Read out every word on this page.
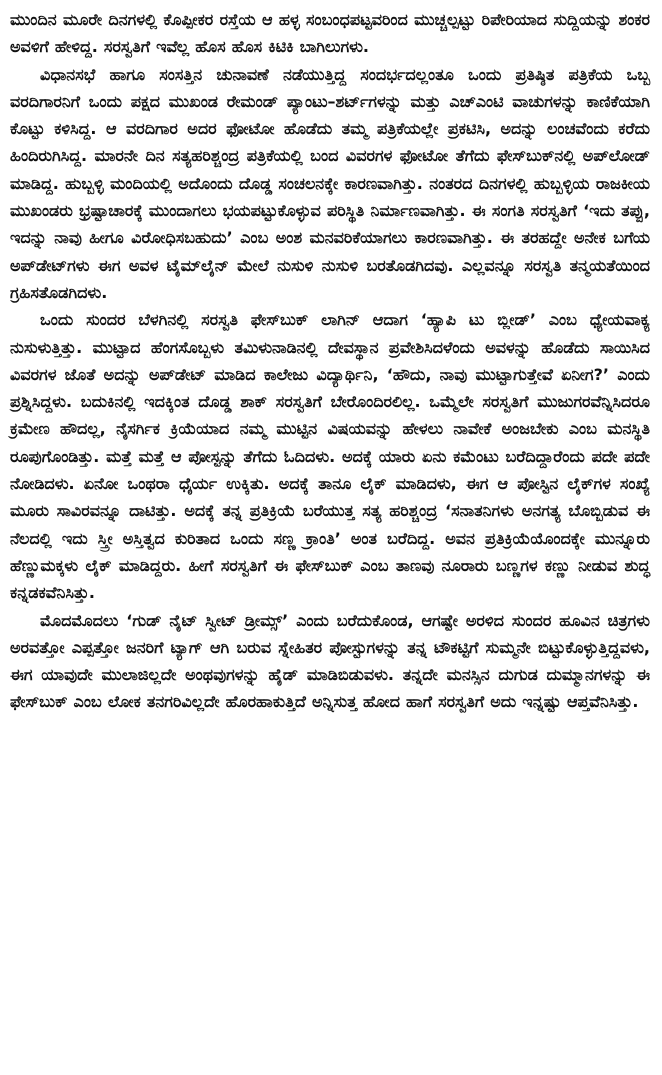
ಮುಂದಿನ ಮೂರೇ ದಿನಗಳಲ್ಲಿ ಕೊಪ್ಪೀಕರ ರಸ್ತೆಯ ಆ ಹಳ್ಳ ಸಂಬಂಧಪಟ್ಟವರಿಂದ ಮುಚ್ಚಲ್ಪಟ್ಟು ರಿಪೇರಿಯಾದ ಸುದ್ದಿಯನ್ನು ಶಂಕರ ಅವಳಿಗೆ ಹೇಳಿದ್ದ. ಸರಸ್ವತಿಗೆ ಇವೆಲ್ಲ ಹೊಸ ಹೊಸ ಕಿಟಿಕಿ ಬಾಗಿಲುಗಳು.

ವಿಧಾನಸಭೆ ಹಾಗೂ ಸಂಸತ್ತಿನ ಚುನಾವಣೆ ನಡೆಯುತ್ತಿದ್ದ ಸಂದರ್ಭದಲ್ಲಂತೂ ಒಂದು ಪ್ರತಿಷ್ಠಿತ ಪತ್ರಿಕೆಯ ಒಬ್ಬ ವರದಿಗಾರನಿಗೆ ಒಂದು ಪಕ್ಷದ ಮುಖಂಡ ರೇಮಂಡ್ ಪ್ಯಾಂಟು–ಶರ್ಟ್‌ಗಳನ್ನು ಮತ್ತು ಎಚ್‌ಎಂಟಿ ವಾಚುಗಳನ್ನು ಕಾಣಿಕೆಯಾಗಿ ಕೊಟ್ಟು ಕಳಿಸಿದ್ದ. ಆ ವರದಿಗಾರ ಅದರ ಫೋಟೋ ಹೊಡೆದು ತಮ್ಮ ಪತ್ರಿಕೆಯಲ್ಲೇ ಪ್ರಕಟಿಸಿ, ಅದನ್ನು ಲಂಚವೆಂದು ಕರೆದು ಹಿಂದಿರುಗಿಸಿದ್ದ. ಮಾರನೇ ದಿನ ಸತ್ಯಹರಿಶ್ಚಂದ್ರ ಪತ್ರಿಕೆಯಲ್ಲಿ ಬಂದ ವಿವರಗಳ ಫೋಟೋ ತೆಗೆದು ಫೇಸ್‌ಬುಕ್‌ನಲ್ಲಿ ಅಪ್‌ಲೋಡ್ ಮಾಡಿದ್ದ. ಹುಬ್ಬಳ್ಳಿ ಮಂದಿಯಲ್ಲಿ ಅದೊಂದು ದೊಡ್ಡ ಸಂಚಲನಕ್ಕೇ ಕಾರಣವಾಗಿತ್ತು. ನಂತರದ ದಿನಗಳಲ್ಲಿ ಹುಬ್ಬಳ್ಳಿಯ ರಾಜಕೀಯ ಮುಖಂಡರು ಭ್ರಷ್ಟಾಚಾರಕ್ಕೆ ಮುಂದಾಗಲು ಭಯಪಟ್ಟುಕೊಳ್ಳುವ ಪರಿಸ್ಥಿತಿ ನಿರ್ಮಾಣವಾಗಿತ್ತು. ಈ ಸಂಗತಿ ಸರಸ್ವತಿಗೆ ‘ಇದು ತಪ್ಪು, ಇದನ್ನು ನಾವು ಹೀಗೂ ವಿರೋಧಿಸಬಹುದು’ ಎಂಬ ಅಂಶ ಮನವರಿಕೆಯಾಗಲು ಕಾರಣವಾಗಿತ್ತು. ಈ ತರಹದ್ದೇ ಅನೇಕ ಬಗೆಯ ಅಪ್‌ಡೇಟ್‌ಗಳು ಈಗ ಅವಳ ಟೈಮ್‌ಲೈನ್ ಮೇಲೆ ನುಸುಳಿ ನುಸುಳಿ ಬರತೊಡಗಿದವು. ಎಲ್ಲವನ್ನೂ ಸರಸ್ವತಿ ತನ್ಮಯತೆಯಿಂದ ಗ್ರಹಿಸತೊಡಗಿದಳು.

ಒಂದು ಸುಂದರ ಬೆಳಗಿನಲ್ಲಿ ಸರಸ್ವತಿ ಫೇಸ್‌ಬುಕ್ ಲಾಗಿನ್ ಆದಾಗ ‘ಹ್ಯಾಪಿ ಟು ಬ್ಲೀಡ್’ ಎಂಬ ಧ್ಯೇಯವಾಕ್ಯ ನುಸುಳುತ್ತಿತ್ತು. ಮುಟ್ಟಾದ ಹೆಂಗಸೊಬ್ಬಳು ತಮಿಳುನಾಡಿನಲ್ಲಿ ದೇವಸ್ಥಾನ ಪ್ರವೇಶಿಸಿದಳೆಂದು ಅವಳನ್ನು ಹೊಡೆದು ಸಾಯಿಸಿದ ವಿವರಗಳ ಜೊತೆ ಅದನ್ನು ಅಪ್‌ಡೇಟ್ ಮಾಡಿದ ಕಾಲೇಜು ವಿದ್ಯಾರ್ಥಿನಿ, ‘ಹೌದು, ನಾವು ಮುಟ್ಟಾಗುತ್ತೇವೆ ಏನೀಗ?’ ಎಂದು ಪ್ರಶ್ನಿಸಿದ್ದಳು. ಬದುಕಿನಲ್ಲಿ ಇದಕ್ಕಿಂತ ದೊಡ್ಡ ಶಾಕ್ ಸರಸ್ವತಿಗೆ ಬೇರೊಂದಿರಲಿಲ್ಲ. ಒಮ್ಮೆಲೇ ಸರಸ್ವತಿಗೆ ಮುಜುಗರವೆನ್ನಿಸಿದರೂ ಕ್ರಮೇಣ ಹೌದಲ್ಲ, ನೈಸರ್ಗಿಕ ಕ್ರಿಯೆಯಾದ ನಮ್ಮ ಮುಟ್ಟಿನ ವಿಷಯವನ್ನು ಹೇಳಲು ನಾವೇಕೆ ಅಂಜಬೇಕು ಎಂಬ ಮನಸ್ಥಿತಿ ರೂಪುಗೊಂಡಿತ್ತು. ಮತ್ತೆ ಮತ್ತೆ ಆ ಪೋಸ್ಟನ್ನು ತೆಗೆದು ಓದಿದಳು. ಅದಕ್ಕೆ ಯಾರು ಏನು ಕಮೆಂಟು ಬರೆದಿದ್ದಾರೆಂದು ಪದೇ ಪದೇ ನೋಡಿದಳು. ಏನೋ ಒಂಥರಾ ಧೈರ್ಯ ಉಕ್ಕಿತು. ಅದಕ್ಕೆ ತಾನೂ ಲೈಕ್ ಮಾಡಿದಳು, ಈಗ ಆ ಪೋಸ್ಟಿನ ಲೈಕ್‌ಗಳ ಸಂಖ್ಯೆ ಮೂರು ಸಾವಿರವನ್ನೂ ದಾಟಿತ್ತು. ಅದಕ್ಕೆ ತನ್ನ ಪ್ರತಿಕ್ರಿಯೆ ಬರೆಯುತ್ತ ಸತ್ಯ ಹರಿಶ್ಚಂದ್ರ ‘ಸನಾತನಿಗಳು ಅನಗತ್ಯ ಬೊಬ್ಬಿಡುವ ಈ ನೆಲದಲ್ಲಿ ಇದು ಸ್ತ್ರೀ ಅಸ್ತಿತ್ವದ ಕುರಿತಾದ ಒಂದು ಸಣ್ಣ ಕ್ರಾಂತಿ’ ಅಂತ ಬರೆದಿದ್ದ. ಅವನ ಪ್ರತಿಕ್ರಿಯೆಯೊಂದಕ್ಕೇ ಮುನ್ನೂರು ಹೆಣ್ಣುಮಕ್ಕಳು ಲೈಕ್ ಮಾಡಿದ್ದರು. ಹೀಗೆ ಸರಸ್ವತಿಗೆ ಈ ಫೇಸ್‌ಬುಕ್ ಎಂಬ ತಾಣವು ನೂರಾರು ಬಣ್ಣಗಳ ಕಣ್ಣು ನೀಡುವ ಶುದ್ಧ ಕನ್ನಡಕವೆನಿಸಿತ್ತು.

ಮೊದಮೊದಲು ‘ಗುಡ್ ನೈಟ್ ಸ್ವೀಟ್ ಡ್ರೀಮ್ಸ್’ ಎಂದು ಬರೆದುಕೊಂಡ, ಆಗಷ್ಟೇ ಅರಳಿದ ಸುಂದರ ಹೂವಿನ ಚಿತ್ರಗಳು ಅರವತ್ತೋ ಎಪ್ಪತ್ತೋ ಜನರಿಗೆ ಟ್ಯಾಗ್ ಆಗಿ ಬರುವ ಸ್ನೇಹಿತರ ಪೋಸ್ಟುಗಳನ್ನು ತನ್ನ ಟೌಕಟ್ಟಿಗೆ ಸುಮ್ಮನೇ ಬಿಟ್ಟುಕೊಳ್ಳುತ್ತಿದ್ದವಳು, ಈಗ ಯಾವುದೇ ಮುಲಾಜಿಲ್ಲದೇ ಅಂಥವುಗಳನ್ನು ಹೈಡ್ ಮಾಡಿಬಿಡುವಳು. ತನ್ನದೇ ಮನಸ್ಸಿನ ದುಗುಡ ದುಮ್ಮಾನಗಳನ್ನು ಈ ಫೇಸ್‌ಬುಕ್ ಎಂಬ ಲೋಕ ತನಗರಿವಿಲ್ಲದೇ ಹೊರಹಾಕುತ್ತಿದೆ ಅನ್ನಿಸುತ್ತ ಹೋದ ಹಾಗೆ ಸರಸ್ವತಿಗೆ ಅದು ಇನ್ನಷ್ಟು ಆಪ್ತವೆನಿಸಿತ್ತು.
